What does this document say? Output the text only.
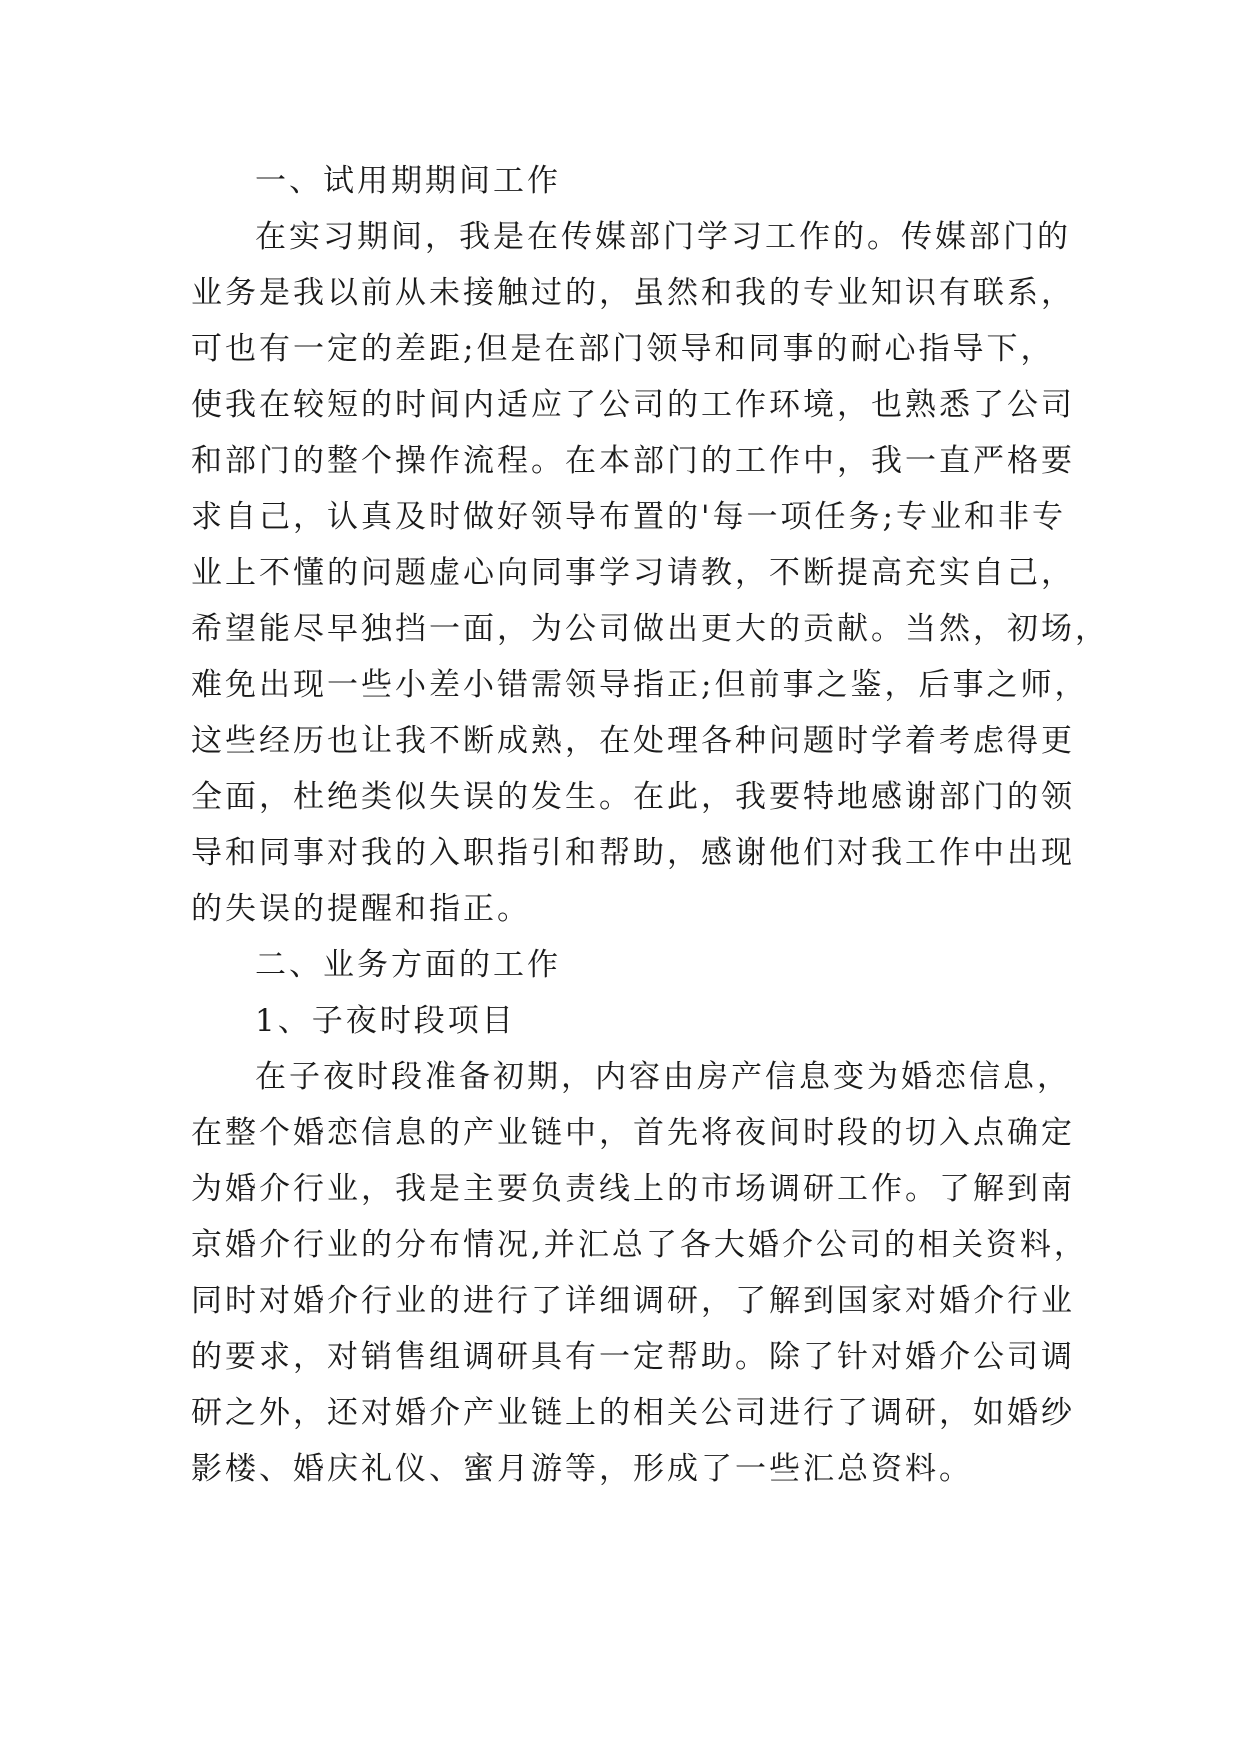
一、试用期期间工作

在实习期间，我是在传媒部门学习工作的。传媒部门的
业务是我以前从未接触过的，虽然和我的专业知识有联系，
可也有一定的差距;但是在部门领导和同事的耐心指导下，
使我在较短的时间内适应了公司的工作环境，也熟悉了公司
和部门的整个操作流程。在本部门的工作中，我一直严格要
求自己，认真及时做好领导布置的'每一项任务;专业和非专
业上不懂的问题虚心向同事学习请教，不断提高充实自己，
希望能尽早独挡一面，为公司做出更大的贡献。当然，初场，
难免出现一些小差小错需领导指正;但前事之鉴，后事之师，
这些经历也让我不断成熟，在处理各种问题时学着考虑得更
全面，杜绝类似失误的发生。在此，我要特地感谢部门的领
导和同事对我的入职指引和帮助，感谢他们对我工作中出现
的失误的提醒和指正。

二、业务方面的工作

1、子夜时段项目

在子夜时段准备初期，内容由房产信息变为婚恋信息，
在整个婚恋信息的产业链中，首先将夜间时段的切入点确定
为婚介行业，我是主要负责线上的市场调研工作。了解到南
京婚介行业的分布情况,并汇总了各大婚介公司的相关资料，
同时对婚介行业的进行了详细调研，了解到国家对婚介行业
的要求，对销售组调研具有一定帮助。除了针对婚介公司调
研之外，还对婚介产业链上的相关公司进行了调研，如婚纱
影楼、婚庆礼仪、蜜月游等，形成了一些汇总资料。
